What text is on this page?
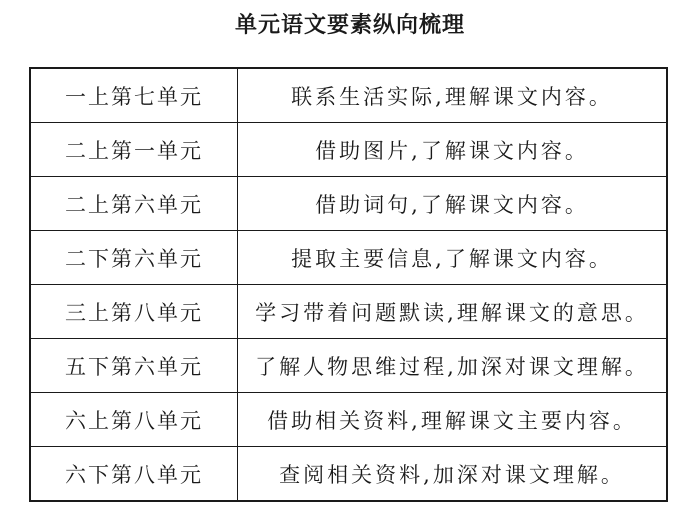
单元语文要素纵向梳理
一上第七单元	联系生活实际,理解课文内容。
二上第一单元	借助图片,了解课文内容。
二上第六单元	借助词句,了解课文内容。
二下第六单元	提取主要信息,了解课文内容。
三上第八单元	学习带着问题默读,理解课文的意思。
五下第六单元	了解人物思维过程,加深对课文理解。
六上第八单元	借助相关资料,理解课文主要内容。
六下第八单元	查阅相关资料,加深对课文理解。
